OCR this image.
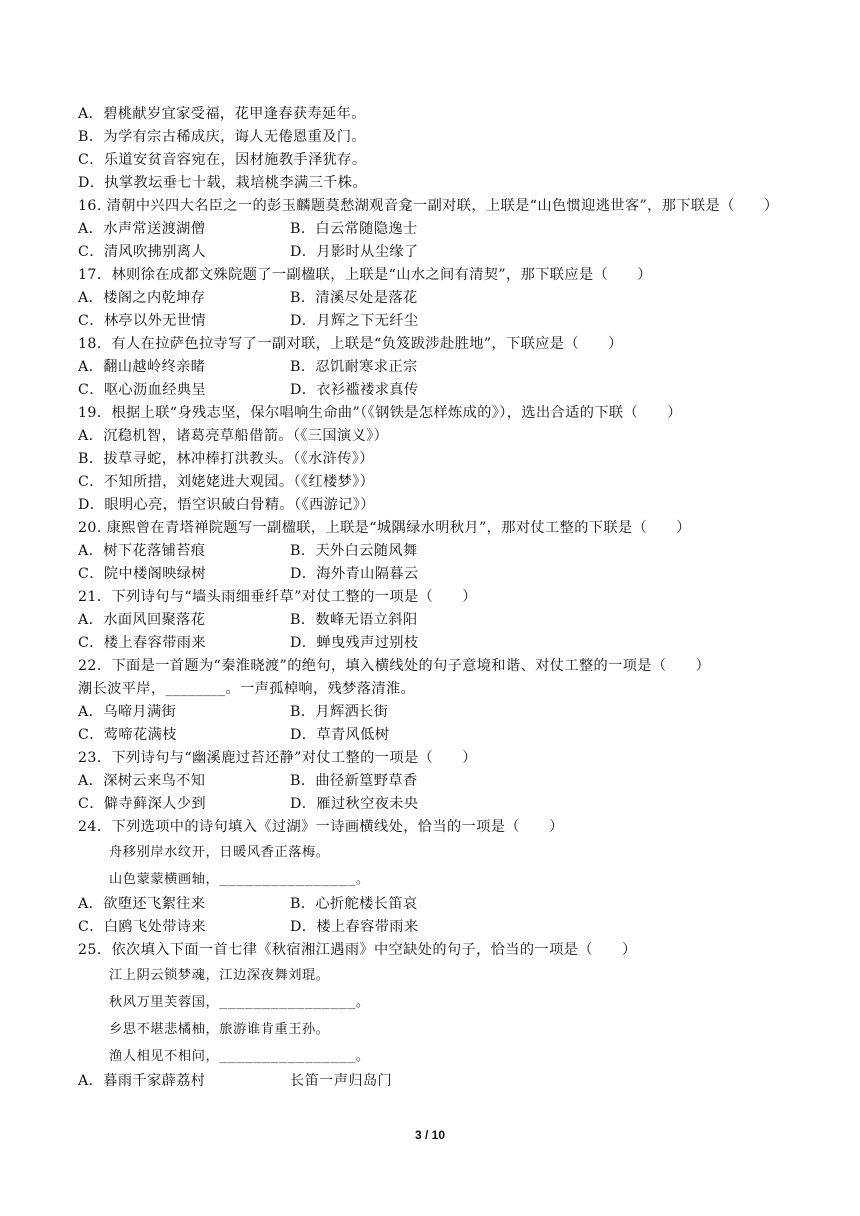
A．碧桃献岁宜家受福，花甲逢春获寿延年。
B．为学有宗古稀成庆，诲人无倦恩重及门。
C．乐道安贫音容宛在，因材施教手泽犹存。
D．执掌教坛垂七十载，栽培桃李满三千株。
16. 清朝中兴四大名臣之一的彭玉麟题莫愁湖观音龛一副对联，上联是“山色惯迎逃世客”，那下联是（　　）
A．水声常送渡湖僧	B．白云常随隐逸士
C．清风吹拂别离人	D．月影时从尘缘了
17．林则徐在成都文殊院题了一副楹联，上联是“山水之间有清契”，那下联应是（　　）
A．楼阁之内乾坤存	B．清溪尽处是落花
C．林亭以外无世情	D．月辉之下无纤尘
18．有人在拉萨色拉寺写了一副对联，上联是“负笈跋涉赴胜地”，下联应是（　　）
A．翻山越岭终亲睹	B．忍饥耐寒求正宗
C．呕心沥血经典呈	D．衣衫褴褛求真传
19．根据上联“身残志坚，保尔唱响生命曲”（《钢铁是怎样炼成的》），选出合适的下联（　　）
A．沉稳机智，诸葛亮草船借箭。（《三国演义》）
B．拔草寻蛇，林冲棒打洪教头。（《水浒传》）
C．不知所措，刘姥姥进大观园。（《红楼梦》）
D．眼明心亮，悟空识破白骨精。（《西游记》）
20. 康熙曾在青塔禅院题写一副楹联，上联是“城隅绿水明秋月”，那对仗工整的下联是（　　）
A．树下花落铺苔痕	B．天外白云随风舞
C．院中楼阁映绿树	D．海外青山隔暮云
21．下列诗句与“墙头雨细垂纤草”对仗工整的一项是（　　）
A．水面风回聚落花	B．数峰无语立斜阳
C．楼上春容带雨来	D．蝉曳残声过别枝
22．下面是一首题为“秦淮晓渡”的绝句，填入横线处的句子意境和谐、对仗工整的一项是（　　）
潮长波平岸，________。一声孤棹响，残梦落清淮。
A．乌啼月满街	B．月辉洒长街
C．莺啼花满枝	D．草青风低树
23．下列诗句与“幽溪鹿过苔还静”对仗工整的一项是（　　）
A．深树云来鸟不知	B．曲径新篁野草香
C．僻寺藓深人少到	D．雁过秋空夜未央
24．下列选项中的诗句填入《过湖》一诗画横线处，恰当的一项是（　　）
舟移别岸水纹开，日暖风香正落梅。
山色蒙蒙横画轴，________________。
A．欲堕还飞絮往来	B．心折舵楼长笛哀
C．白鸥飞处带诗来	D．楼上春容带雨来
25．依次填入下面一首七律《秋宿湘江遇雨》中空缺处的句子，恰当的一项是（　　）
江上阴云锁梦魂，江边深夜舞刘琨。
秋风万里芙蓉国，________________。
乡思不堪悲橘柚，旅游谁肯重王孙。
渔人相见不相问，________________。
A．暮雨千家薜荔村	长笛一声归岛门
3 / 10
